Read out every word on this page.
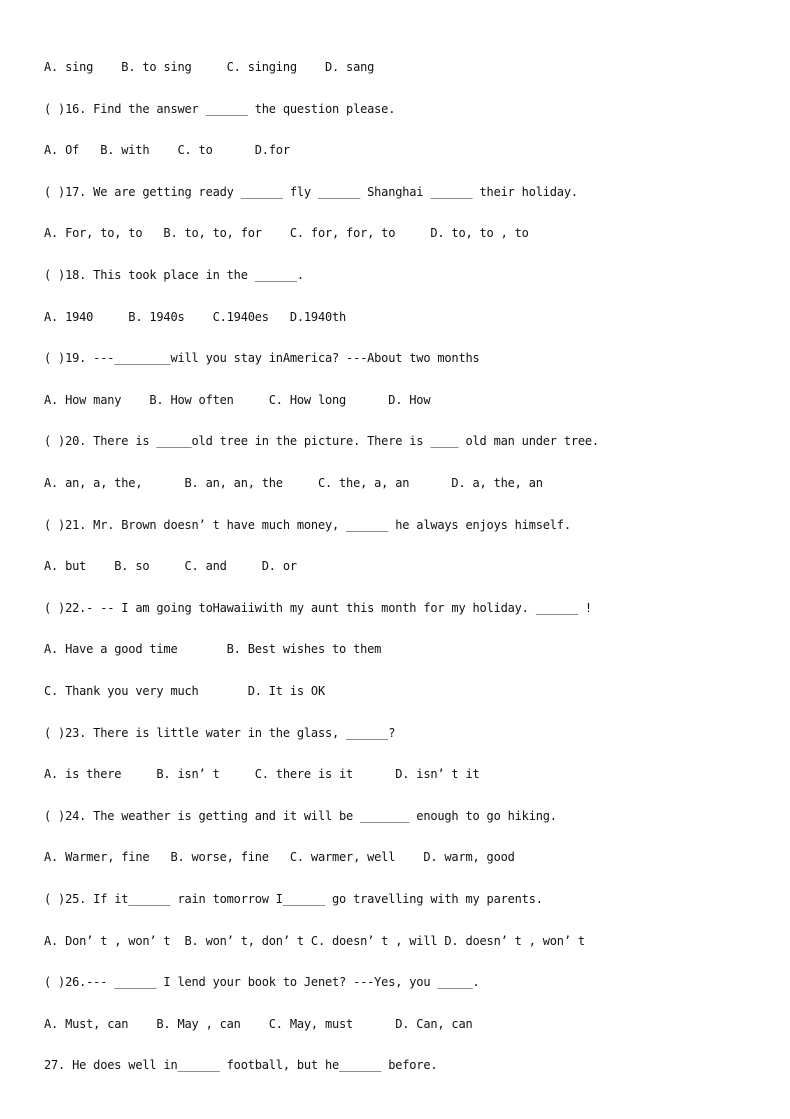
A. sing    B. to sing     C. singing    D. sang
( )16. Find the answer ______ the question please.
A. Of   B. with    C. to      D.for
( )17. We are getting ready ______ fly ______ Shanghai ______ their holiday.
A. For, to, to   B. to, to, for    C. for, for, to     D. to, to , to
( )18. This took place in the ______.
A. 1940     B. 1940s    C.1940es   D.1940th
( )19. ---________will you stay inAmerica? ---About two months
A. How many    B. How often     C. How long      D. How
( )20. There is _____old tree in the picture. There is ____ old man under tree.
A. an, a, the,      B. an, an, the     C. the, a, an      D. a, the, an
( )21. Mr. Brown doesn’ t have much money, ______ he always enjoys himself.
A. but    B. so     C. and     D. or
( )22.- -- I am going toHawaiiwith my aunt this month for my holiday. ______ !
A. Have a good time       B. Best wishes to them
C. Thank you very much       D. It is OK
( )23. There is little water in the glass, ______?
A. is there     B. isn’ t     C. there is it      D. isn’ t it
( )24. The weather is getting and it will be _______ enough to go hiking.
A. Warmer, fine   B. worse, fine   C. warmer, well    D. warm, good
( )25. If it______ rain tomorrow I______ go travelling with my parents.
A. Don’ t , won’ t  B. won’ t, don’ t C. doesn’ t , will D. doesn’ t , won’ t
( )26.--- ______ I lend your book to Jenet? ---Yes, you _____.
A. Must, can    B. May , can    C. May, must      D. Can, can
27. He does well in______ football, but he______ before.
